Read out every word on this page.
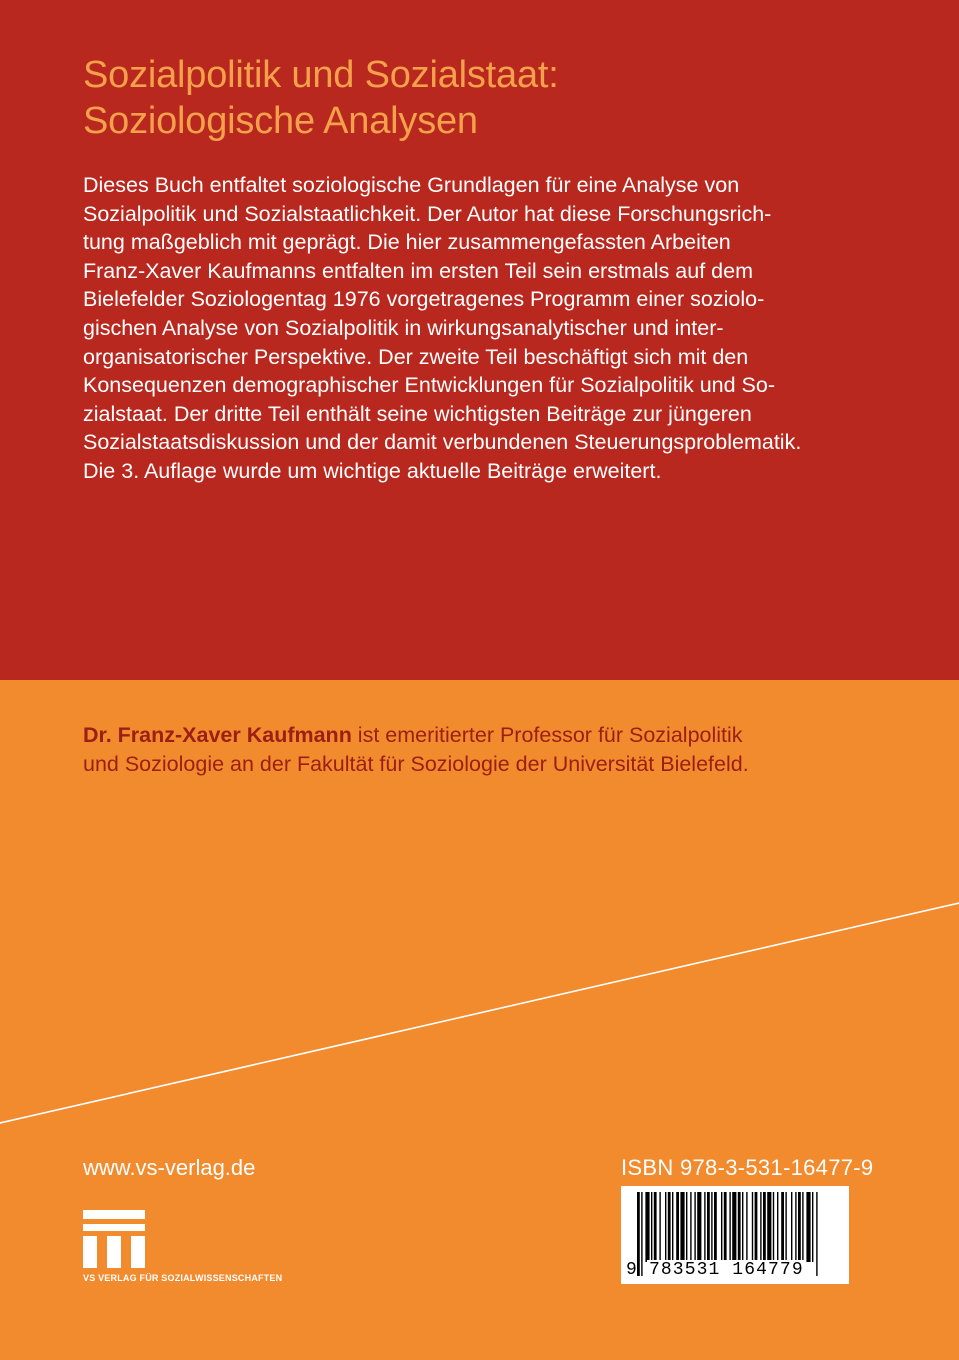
Sozialpolitik und Sozialstaat:
Soziologische Analysen
Dieses Buch entfaltet soziologische Grundlagen für eine Analyse von
Sozialpolitik und Sozialstaatlichkeit. Der Autor hat diese Forschungsrich-
tung maßgeblich mit geprägt. Die hier zusammengefassten Arbeiten
Franz-Xaver Kaufmanns entfalten im ersten Teil sein erstmals auf dem
Bielefelder Soziologentag 1976 vorgetragenes Programm einer soziolo-
gischen Analyse von Sozialpolitik in wirkungsanalytischer und inter-
organisatorischer Perspektive. Der zweite Teil beschäftigt sich mit den
Konsequenzen demographischer Entwicklungen für Sozialpolitik und So-
zialstaat. Der dritte Teil enthält seine wichtigsten Beiträge zur jüngeren
Sozialstaatsdiskussion und der damit verbundenen Steuerungsproblematik.
Die 3. Auflage wurde um wichtige aktuelle Beiträge erweitert.
Dr. Franz-Xaver Kaufmann ist emeritierter Professor für Sozialpolitik
und Soziologie an der Fakultät für Soziologie der Universität Bielefeld.
www.vs-verlag.de
VS VERLAG FÜR SOZIALWISSENSCHAFTEN
ISBN 978-3-531-16477-9
9 783531 164779
